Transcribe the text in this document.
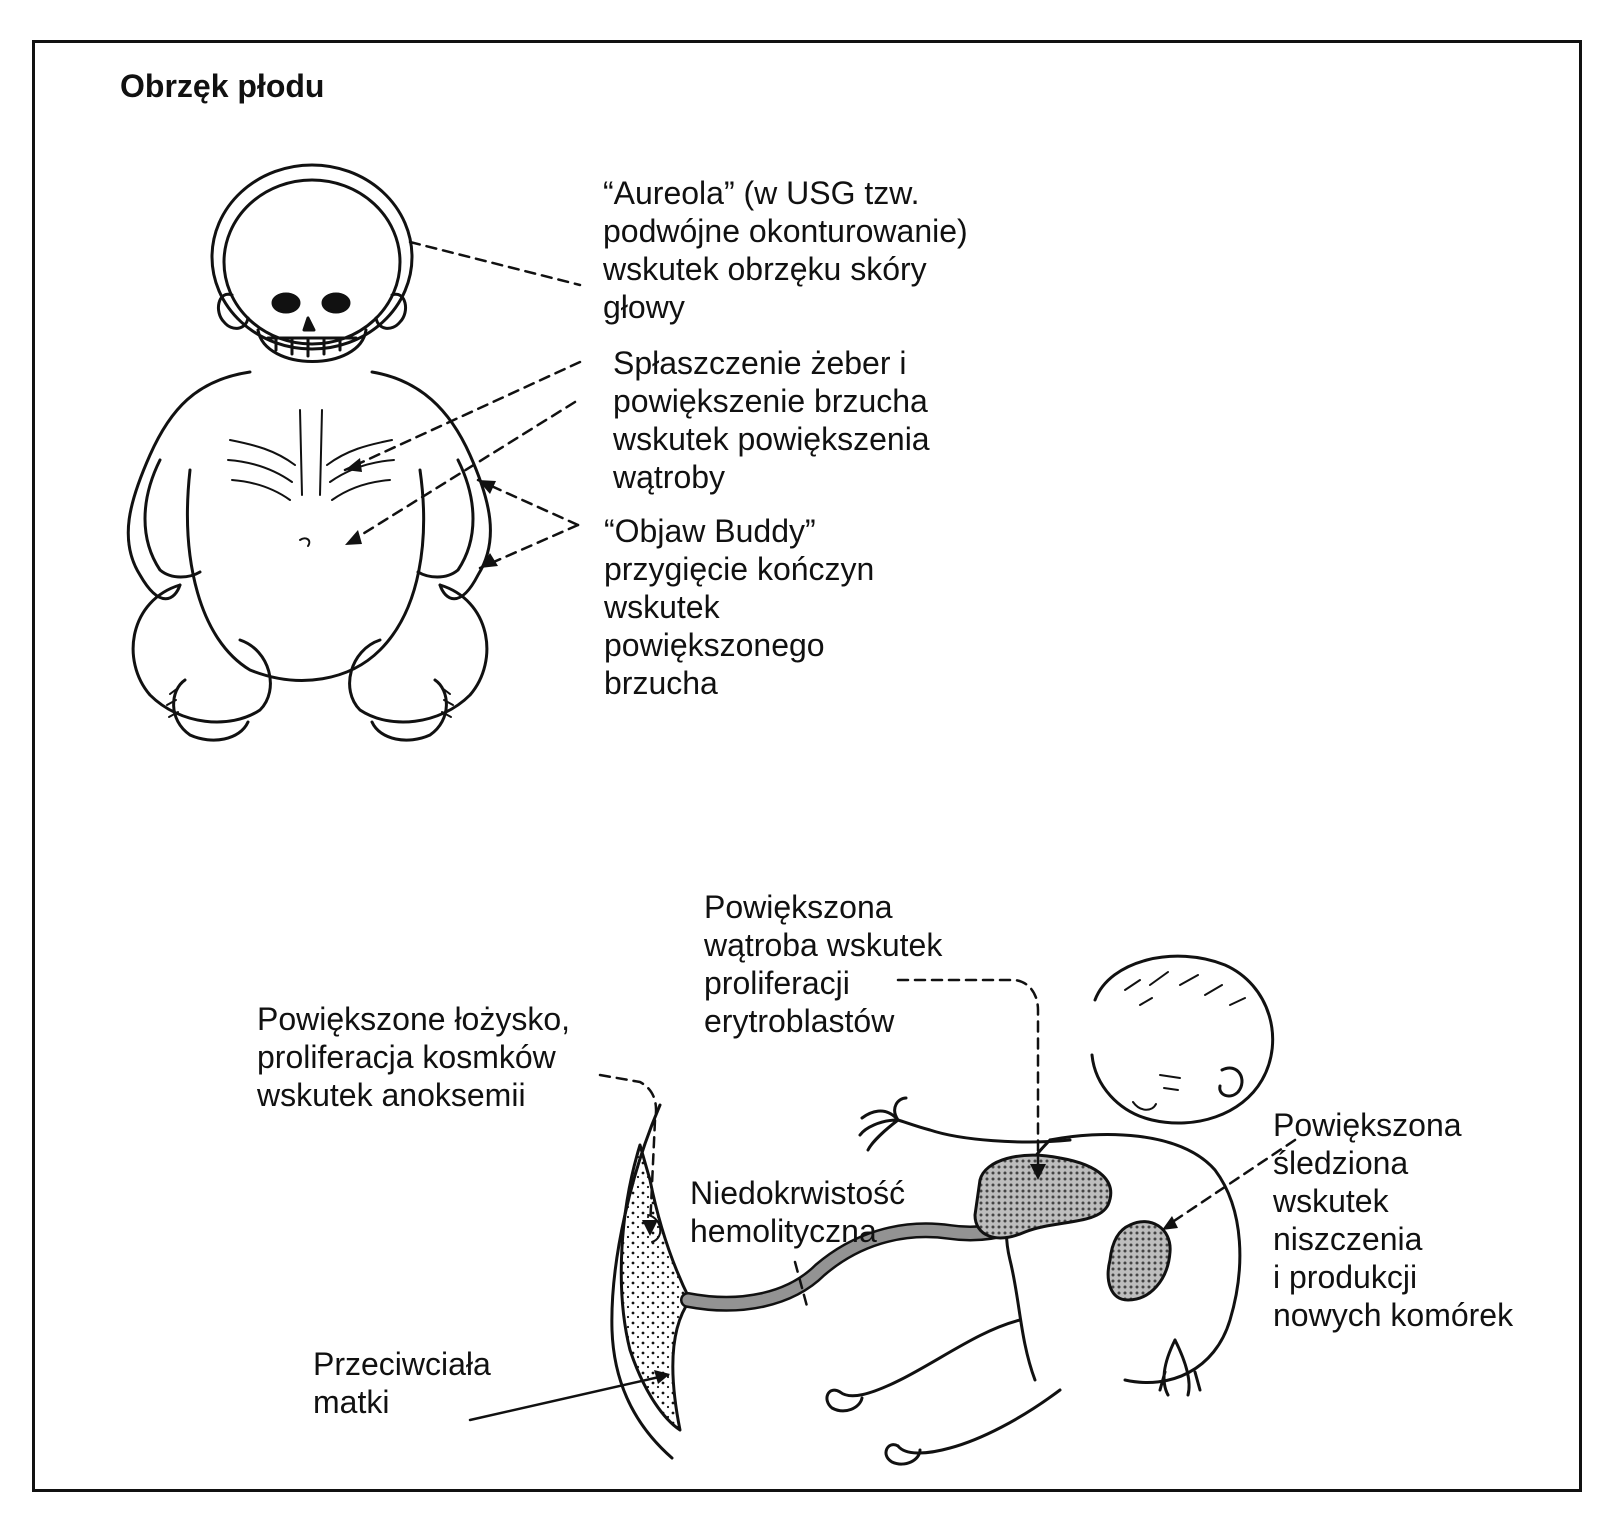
Obrzęk płodu
“Aureola” (w USG tzw.
podwójne okonturowanie)
wskutek obrzęku skóry
głowy
Spłaszczenie żeber i
powiększenie brzucha
wskutek powiększenia
wątroby
“Objaw Buddy”
przygięcie kończyn
wskutek
powiększonego
brzucha
Powiększona
wątroba wskutek
proliferacji
erytroblastów
Powiększone łożysko,
proliferacja kosmków
wskutek anoksemii
Powiększona
śledziona
wskutek
niszczenia
i produkcji
nowych komórek
Niedokrwistość
hemolityczna
Przeciwciała
matki
